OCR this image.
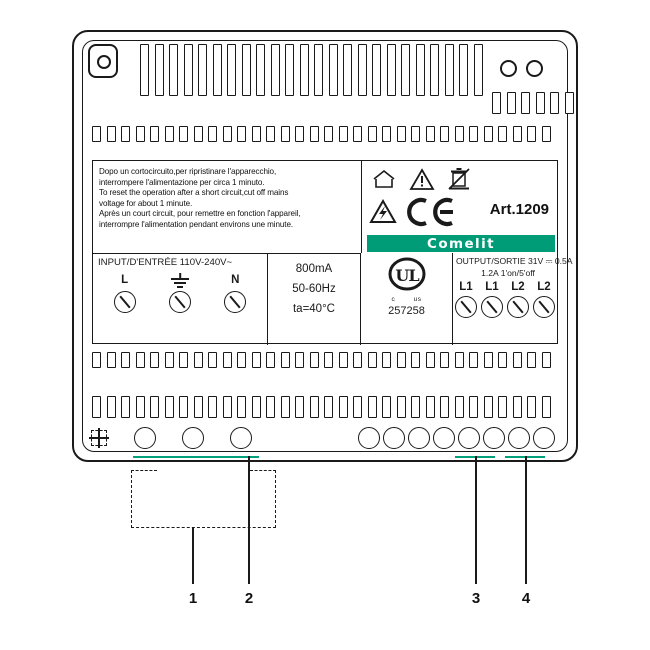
Dopo un cortocircuito,per ripristinare l'apparecchio,
interrompere l'alimentazione per circa 1 minuto.
To reset the operation after a short circuit,cut off mains
voltage for about 1 minute.
Après un court circuit, pour remettre en fonction l'appareil,
interrompre l'alimentation pendant environs une minute.
Art.1209
Comelit
INPUT/D'ENTRÉE 110V-240V~
L	N
800mA
50-60Hz
ta=40°C
UL
c	us
257258
OUTPUT/SORTIE 31V ⎓ 0.5A
1.2A 1'on/5'off
L1	L1	L2	L2
1	2	3	4
